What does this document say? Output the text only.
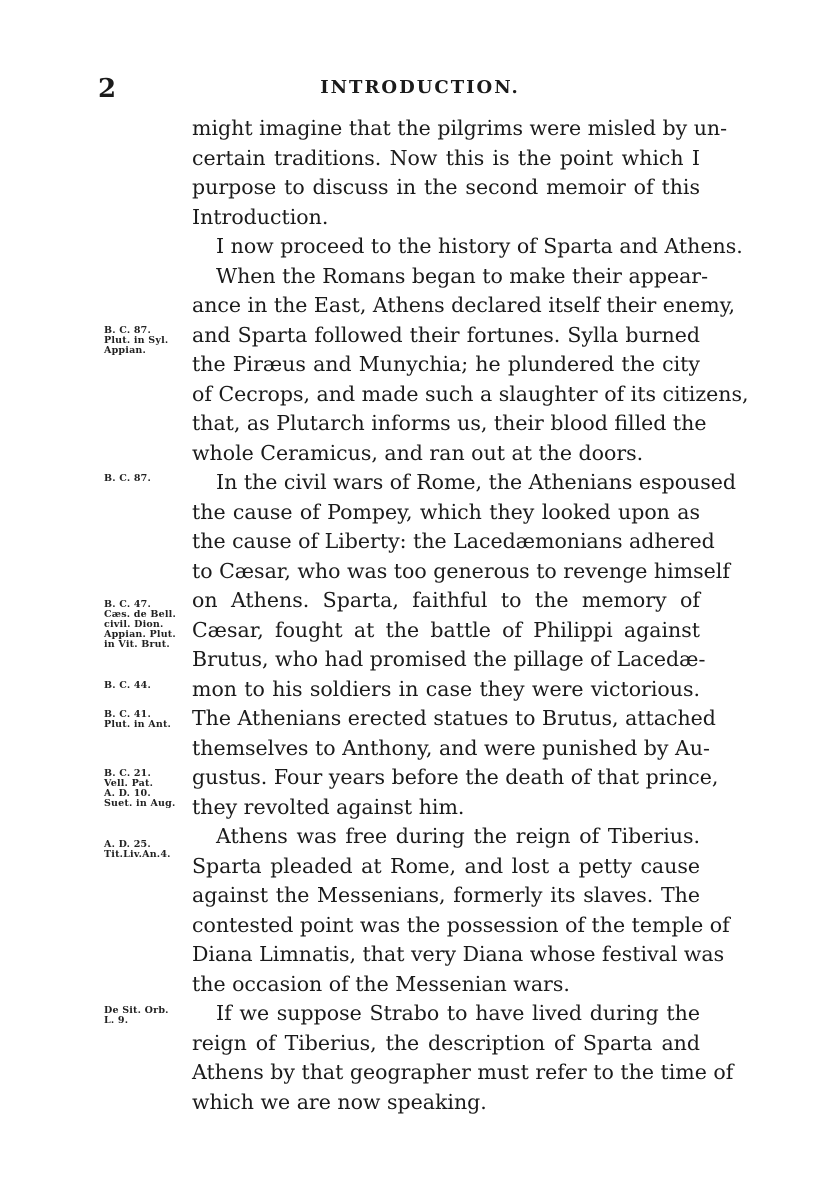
2	INTRODUCTION.
might imagine that the pilgrims were misled by un-
certain traditions. Now this is the point which I
purpose to discuss in the second memoir of this
Introduction.
I now proceed to the history of Sparta and Athens.
When the Romans began to make their appear-
ance in the East, Athens declared itself their enemy,
and Sparta followed their fortunes. Sylla burned
the Piræus and Munychia; he plundered the city
of Cecrops, and made such a slaughter of its citizens,
that, as Plutarch informs us, their blood filled the
whole Ceramicus, and ran out at the doors.
In the civil wars of Rome, the Athenians espoused
the cause of Pompey, which they looked upon as
the cause of Liberty: the Lacedæmonians adhered
to Cæsar, who was too generous to revenge himself
on Athens. Sparta, faithful to the memory of
Cæsar, fought at the battle of Philippi against
Brutus, who had promised the pillage of Lacedæ-
mon to his soldiers in case they were victorious.
The Athenians erected statues to Brutus, attached
themselves to Anthony, and were punished by Au-
gustus. Four years before the death of that prince,
they revolted against him.
Athens was free during the reign of Tiberius.
Sparta pleaded at Rome, and lost a petty cause
against the Messenians, formerly its slaves. The
contested point was the possession of the temple of
Diana Limnatis, that very Diana whose festival was
the occasion of the Messenian wars.
If we suppose Strabo to have lived during the
reign of Tiberius, the description of Sparta and
Athens by that geographer must refer to the time of
which we are now speaking.
B. C. 87.
Plut. in Syl.
Appian.
B. C. 87.
B. C. 47.
Cæs. de Bell.
civil. Dion.
Appian. Plut.
in Vit. Brut.
B. C. 44.
B. C. 41.
Plut. in Ant.
B. C. 21.
Vell. Pat.
A. D. 10.
Suet. in Aug.
A. D. 25.
Tit.Liv.An.4.
De Sit. Orb.
L. 9.
